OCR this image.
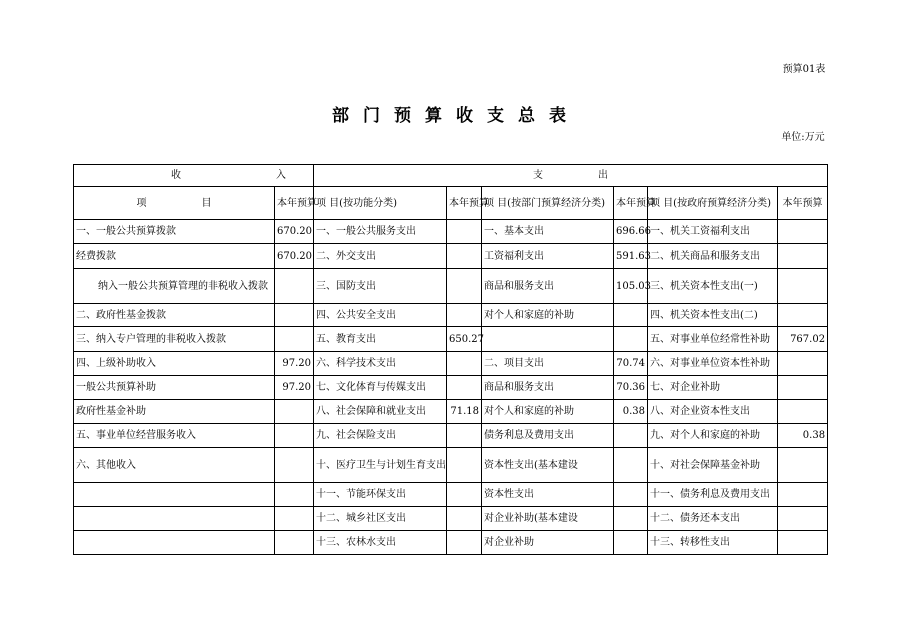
预算01表
部门预算收支总表
单位:万元
收入		支出					
项目	本年预算	项 目(按功能分类)	本年预算	项 目(按部门预算经济分类)	本年预算	项 目(按政府预算经济分类)	本年预算
一、一般公共预算拨款	670.20	一、一般公共服务支出		一、基本支出	696.66	一、机关工资福利支出	
经费拨款	670.20	二、外交支出		工资福利支出	591.63	二、机关商品和服务支出	
纳入一般公共预算管理的非税收入拨款		三、国防支出		商品和服务支出	105.03	三、机关资本性支出(一)	
二、政府性基金拨款		四、公共安全支出		对个人和家庭的补助		四、机关资本性支出(二)	
三、纳入专户管理的非税收入拨款		五、教育支出	650.27			五、对事业单位经常性补助	767.02
四、上级补助收入	97.20	六、科学技术支出		二、项目支出	70.74	六、对事业单位资本性补助	
一般公共预算补助	97.20	七、文化体育与传媒支出		商品和服务支出	70.36	七、对企业补助	
政府性基金补助		八、社会保障和就业支出	71.18	对个人和家庭的补助	0.38	八、对企业资本性支出	
五、事业单位经营服务收入		九、社会保险支出		债务利息及费用支出		九、对个人和家庭的补助	0.38
六、其他收入		十、医疗卫生与计划生育支出		资本性支出(基本建设		十、对社会保障基金补助	
		十一、节能环保支出		资本性支出		十一、债务利息及费用支出	
		十二、城乡社区支出		对企业补助(基本建设		十二、债务还本支出	
		十三、农林水支出		对企业补助		十三、转移性支出	
